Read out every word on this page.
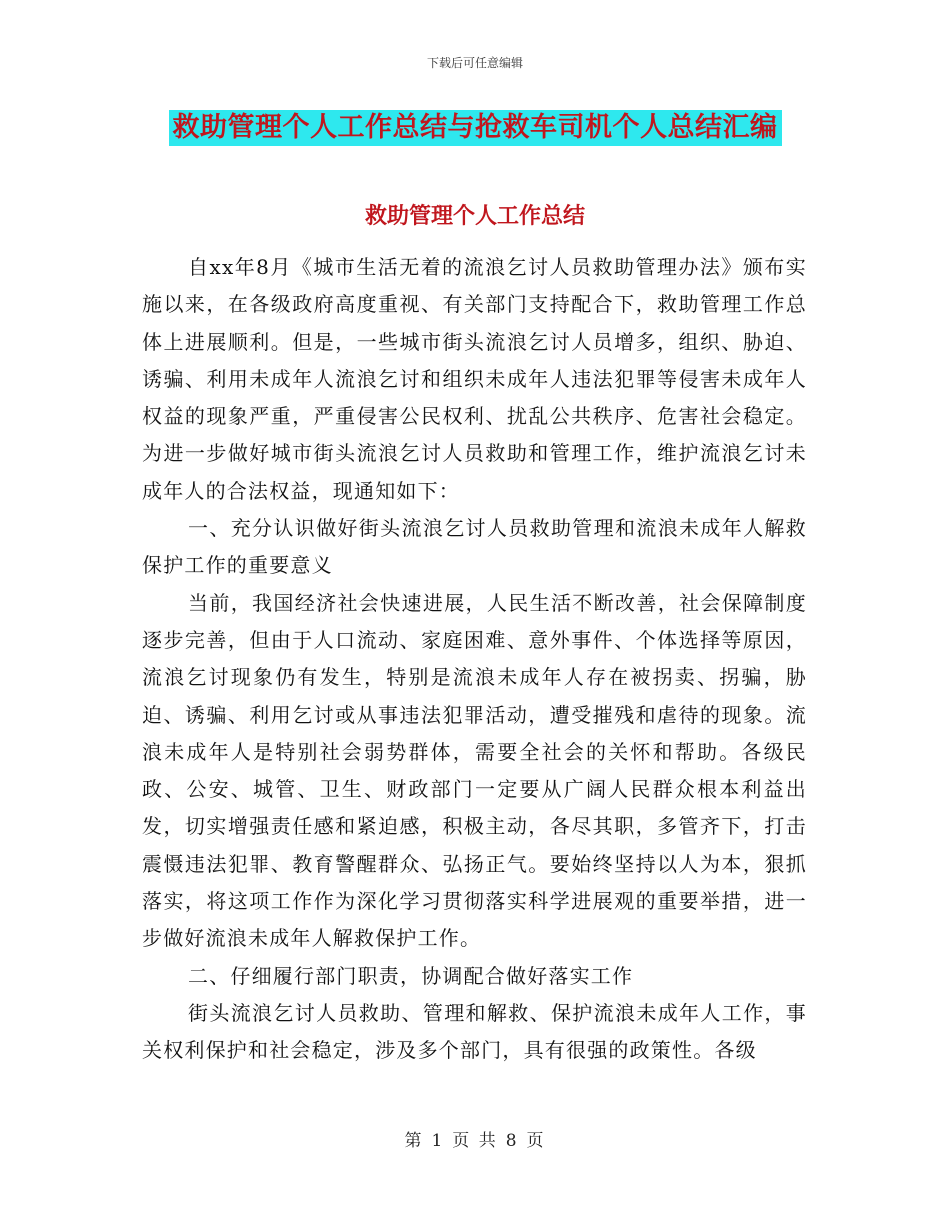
下载后可任意编辑
救助管理个人工作总结与抢救车司机个人总结汇编
救助管理个人工作总结

自xx年8月《城市生活无着的流浪乞讨人员救助管理办法》颁布实施以来，在各级政府高度重视、有关部门支持配合下，救助管理工作总体上进展顺利。但是，一些城市街头流浪乞讨人员增多，组织、胁迫、诱骗、利用未成年人流浪乞讨和组织未成年人违法犯罪等侵害未成年人权益的现象严重，严重侵害公民权利、扰乱公共秩序、危害社会稳定。为进一步做好城市街头流浪乞讨人员救助和管理工作，维护流浪乞讨未成年人的合法权益，现通知如下：

一、充分认识做好街头流浪乞讨人员救助管理和流浪未成年人解救保护工作的重要意义

当前，我国经济社会快速进展，人民生活不断改善，社会保障制度逐步完善，但由于人口流动、家庭困难、意外事件、个体选择等原因，流浪乞讨现象仍有发生，特别是流浪未成年人存在被拐卖、拐骗，胁迫、诱骗、利用乞讨或从事违法犯罪活动，遭受摧残和虐待的现象。流浪未成年人是特别社会弱势群体，需要全社会的关怀和帮助。各级民政、公安、城管、卫生、财政部门一定要从广阔人民群众根本利益出发，切实增强责任感和紧迫感，积极主动，各尽其职，多管齐下，打击震慑违法犯罪、教育警醒群众、弘扬正气。要始终坚持以人为本，狠抓落实，将这项工作作为深化学习贯彻落实科学进展观的重要举措，进一步做好流浪未成年人解救保护工作。

二、仔细履行部门职责，协调配合做好落实工作

街头流浪乞讨人员救助、管理和解救、保护流浪未成年人工作，事关权利保护和社会稳定，涉及多个部门，具有很强的政策性。各级

第 1 页 共 8 页
